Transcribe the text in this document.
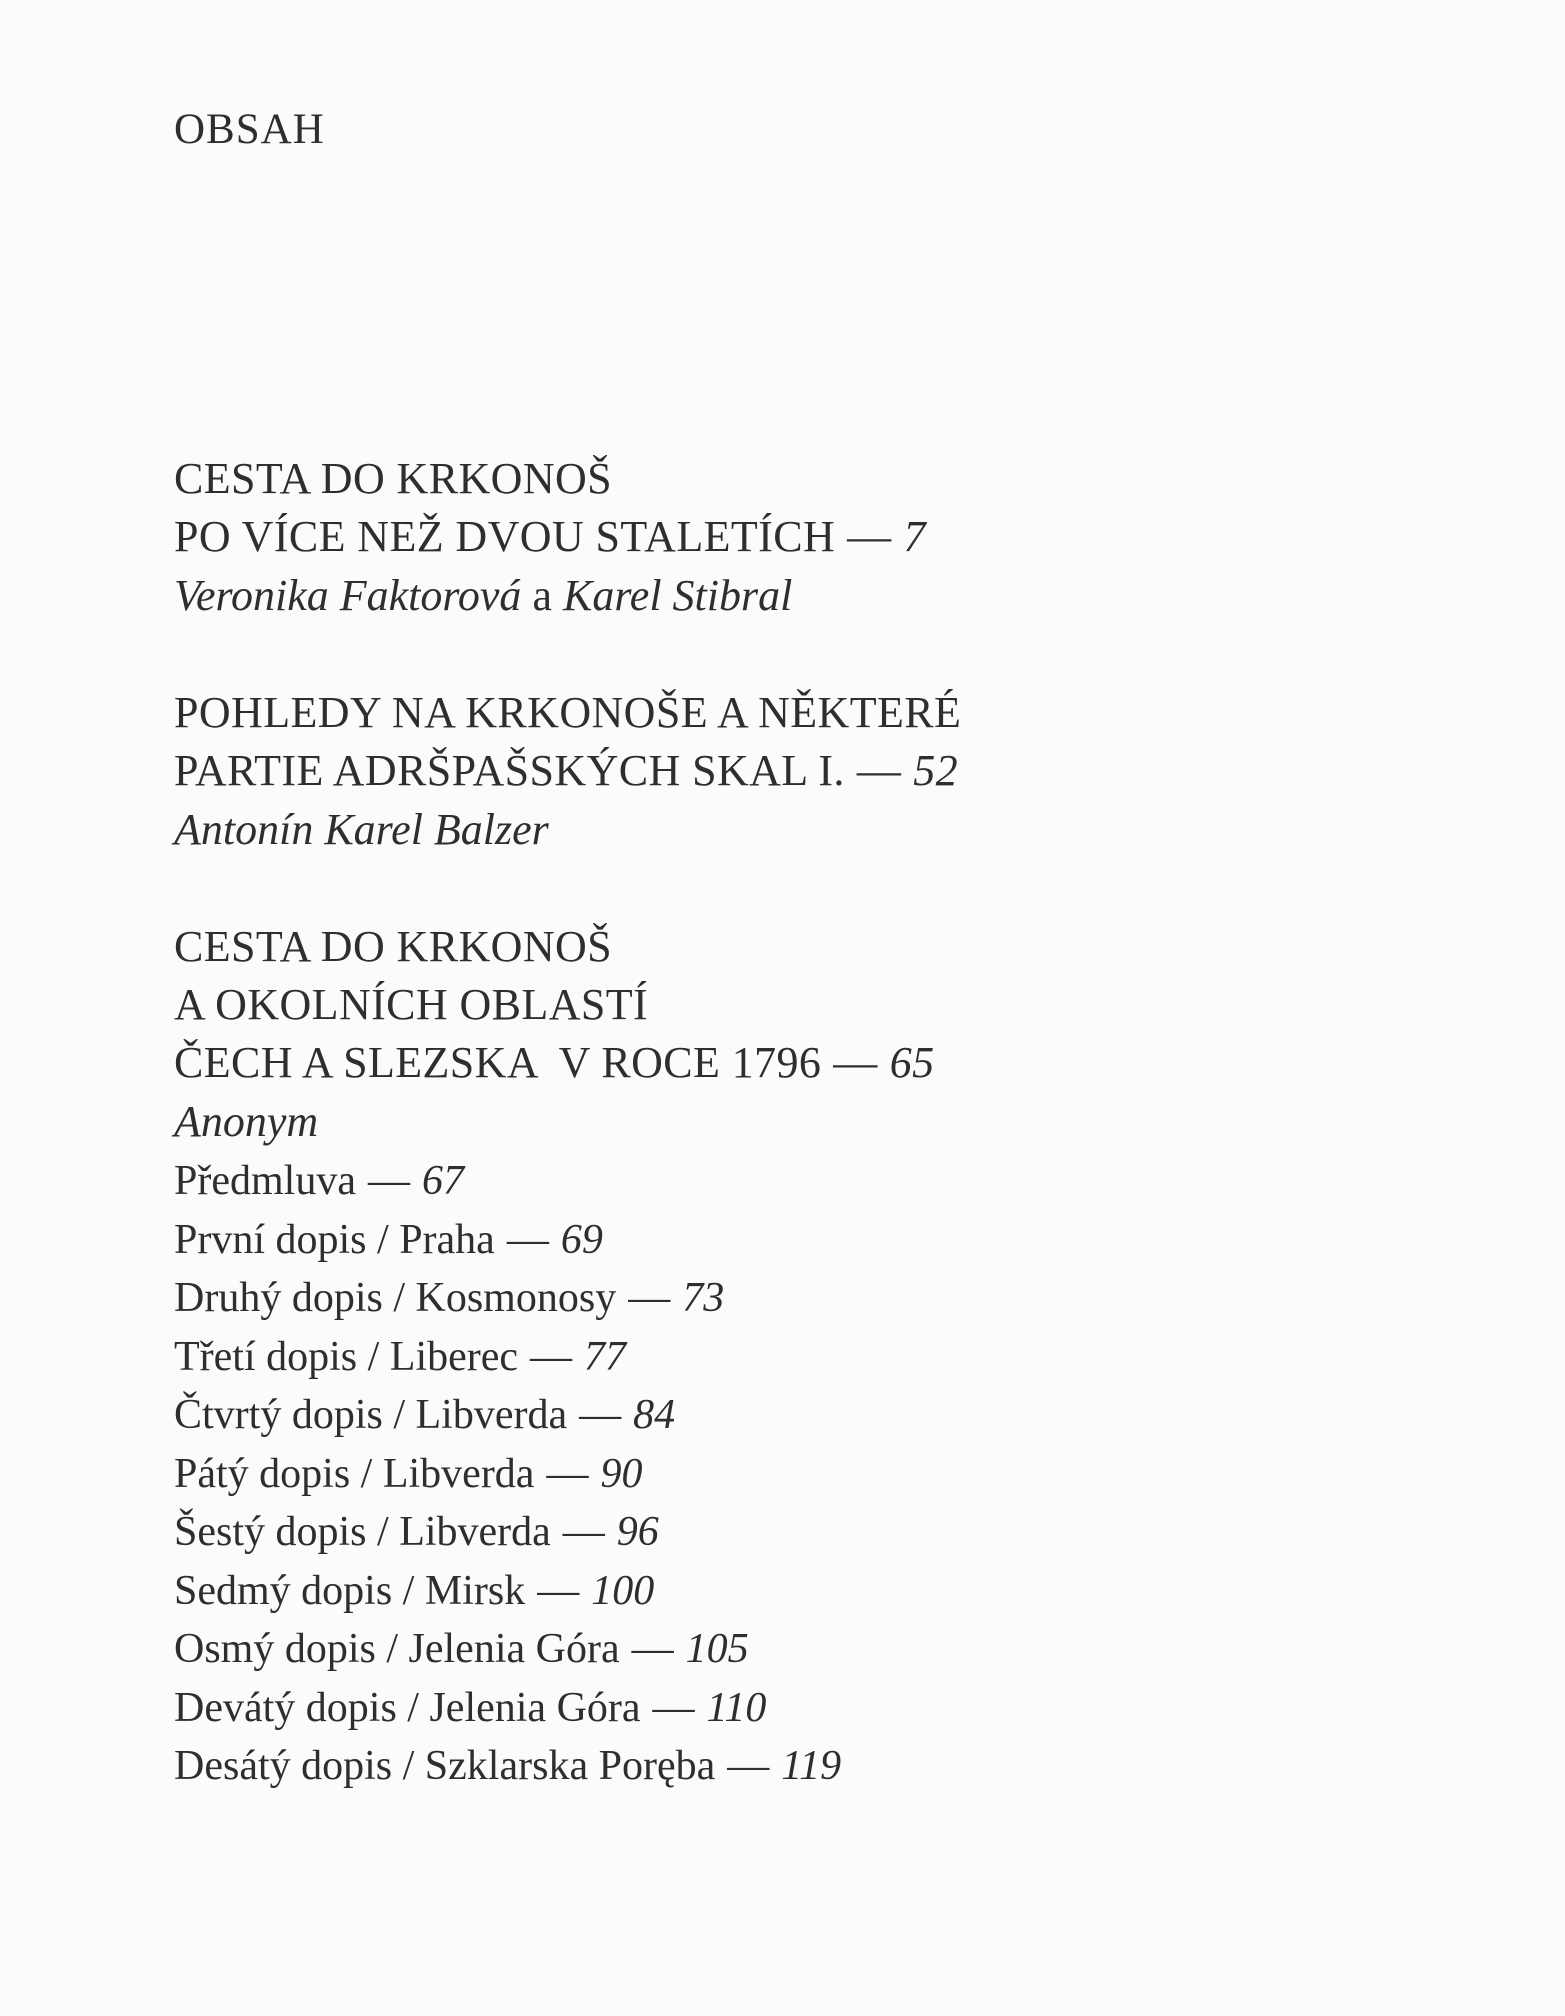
OBSAH
CESTA DO KRKONOŠ
PO VÍCE NEŽ DVOU STALETÍCH — 7
Veronika Faktorová a Karel Stibral
POHLEDY NA KRKONOŠE A NĚKTERÉ
PARTIE ADRŠPAŠSKÝCH SKAL I. — 52
Antonín Karel Balzer
CESTA DO KRKONOŠ
A OKOLNÍCH OBLASTÍ
ČECH A SLEZSKA  V ROCE 1796 — 65
Anonym
Předmluva — 67
První dopis / Praha — 69
Druhý dopis / Kosmonosy — 73
Třetí dopis / Liberec — 77
Čtvrtý dopis / Libverda — 84
Pátý dopis / Libverda — 90
Šestý dopis / Libverda — 96
Sedmý dopis / Mirsk — 100
Osmý dopis / Jelenia Góra — 105
Devátý dopis / Jelenia Góra — 110
Desátý dopis / Szklarska Poręba — 119
